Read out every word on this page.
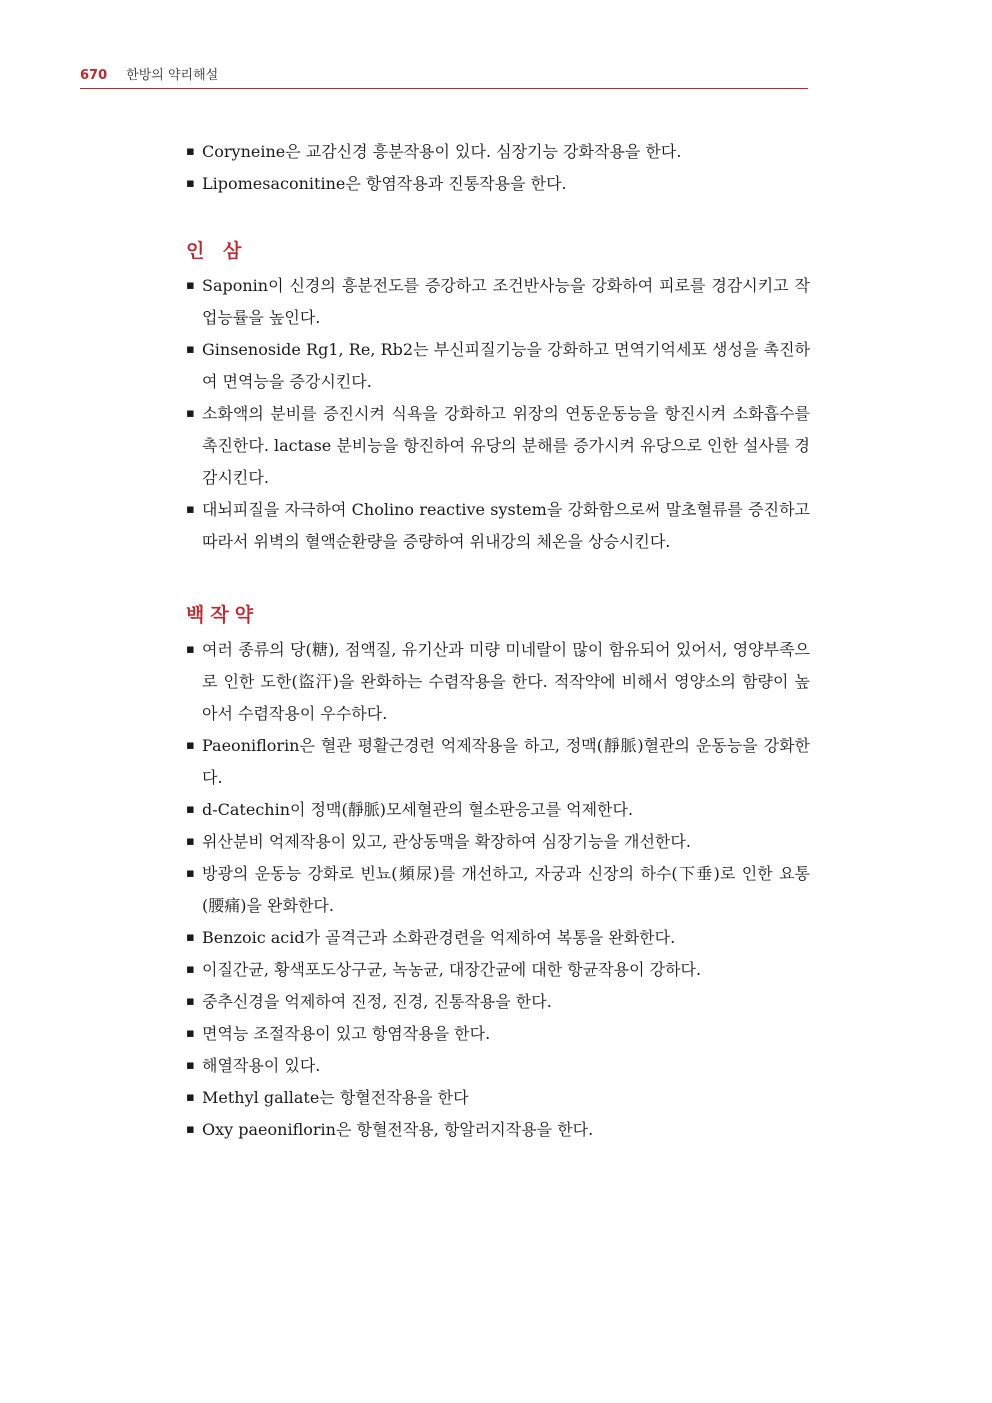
670 한방의 약리해설
▪ Coryneine은 교감신경 흥분작용이 있다. 심장기능 강화작용을 한다.
▪ Lipomesaconitine은 항염작용과 진통작용을 한다.
인 삼
▪ Saponin이 신경의 흥분전도를 증강하고 조건반사능을 강화하여 피로를 경감시키고 작업능률을 높인다.
▪ Ginsenoside Rg1, Re, Rb2는 부신피질기능을 강화하고 면역기억세포 생성을 촉진하여 면역능을 증강시킨다.
▪ 소화액의 분비를 증진시켜 식욕을 강화하고 위장의 연동운동능을 항진시켜 소화흡수를 촉진한다. lactase 분비능을 항진하여 유당의 분해를 증가시켜 유당으로 인한 설사를 경감시킨다.
▪ 대뇌피질을 자극하여 Cholino reactive system을 강화함으로써 말초혈류를 증진하고 따라서 위벽의 혈액순환량을 증량하여 위내강의 체온을 상승시킨다.
백작약
▪ 여러 종류의 당(糖), 점액질, 유기산과 미량 미네랄이 많이 함유되어 있어서, 영양부족으로 인한 도한(盜汗)을 완화하는 수렴작용을 한다. 적작약에 비해서 영양소의 함량이 높아서 수렴작용이 우수하다.
▪ Paeoniflorin은 혈관 평활근경련 억제작용을 하고, 정맥(靜脈)혈관의 운동능을 강화한다.
▪ d-Catechin이 정맥(靜脈)모세혈관의 혈소판응고를 억제한다.
▪ 위산분비 억제작용이 있고, 관상동맥을 확장하여 심장기능을 개선한다.
▪ 방광의 운동능 강화로 빈뇨(頻尿)를 개선하고, 자궁과 신장의 하수(下垂)로 인한 요통(腰痛)을 완화한다.
▪ Benzoic acid가 골격근과 소화관경련을 억제하여 복통을 완화한다.
▪ 이질간균, 황색포도상구균, 녹농균, 대장간균에 대한 항균작용이 강하다.
▪ 중추신경을 억제하여 진정, 진경, 진통작용을 한다.
▪ 면역능 조절작용이 있고 항염작용을 한다.
▪ 해열작용이 있다.
▪ Methyl gallate는 항혈전작용을 한다
▪ Oxy paeoniflorin은 항혈전작용, 항알러지작용을 한다.
